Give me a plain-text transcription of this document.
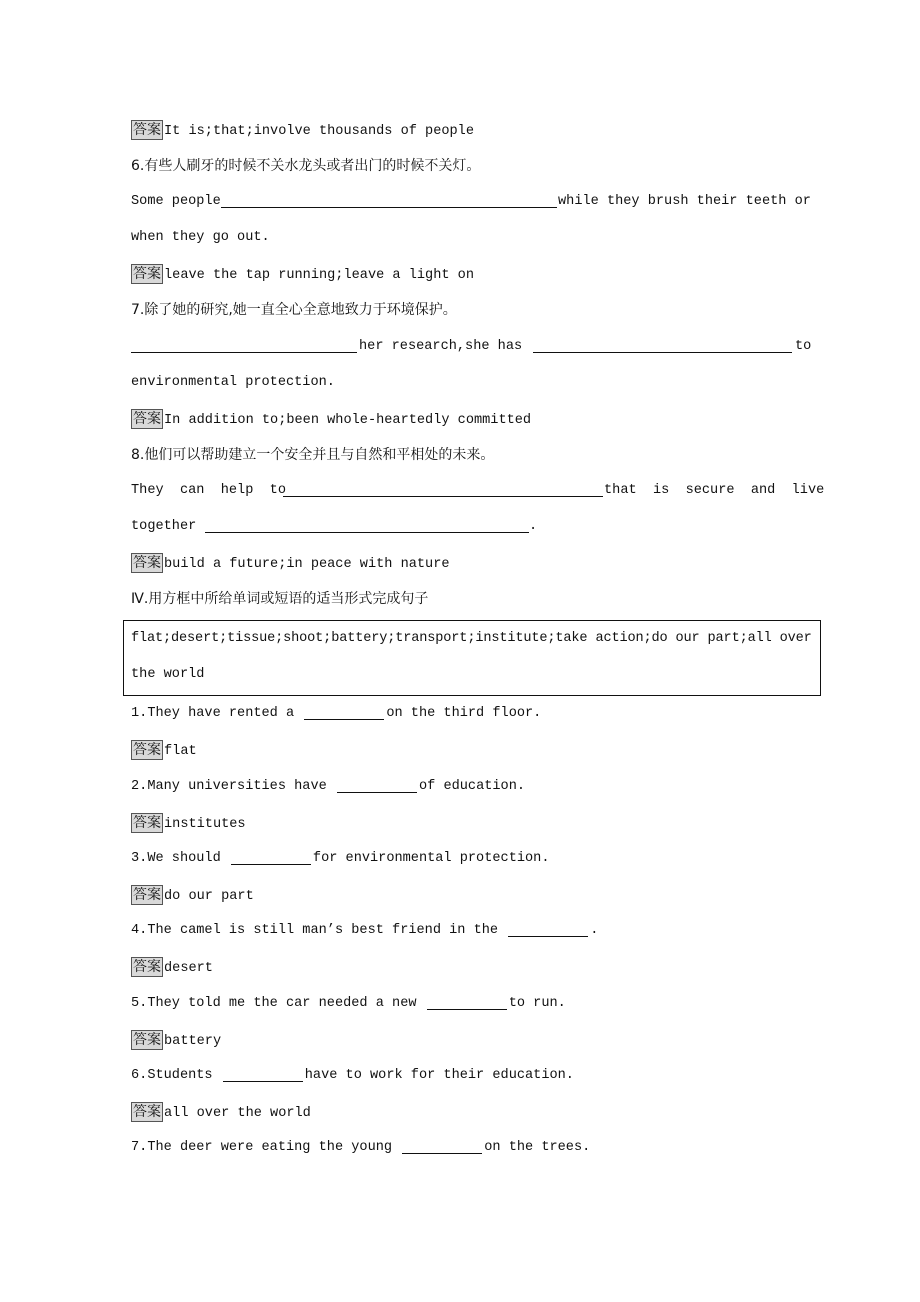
答案 It is;that;involve thousands of people
6.有些人刷牙的时候不关水龙头或者出门的时候不关灯。

Some people

	while they brush their teeth or

when they go out.
答案 leave the tap running;leave a light on
7.除了她的研究,她一直全心全意地致力于环境保护。

her research,she has

	to

environmental protection.
答案 In addition to;been whole-heartedly committed
8.他们可以帮助建立一个安全并且与自然和平相处的未来。

They  can  help  to

	that  is  secure  and  live

together

	.

答案 build a future;in peace with nature
Ⅳ.用方框中所给单词或短语的适当形式完成句子
flat;desert;tissue;shoot;battery;transport;institute;take action;do our part;all over
the world
1.They have rented a	on the third floor.
答案 flat
2.Many universities have	of education.
答案 institutes
3.We should	for environmental protection.
答案 do our part
4.The camel is still man’s best friend in the	.
答案 desert
5.They told me the car needed a new	to run.
答案 battery
6.Students	have to work for their education.
答案 all over the world
7.The deer were eating the young	on the trees.
